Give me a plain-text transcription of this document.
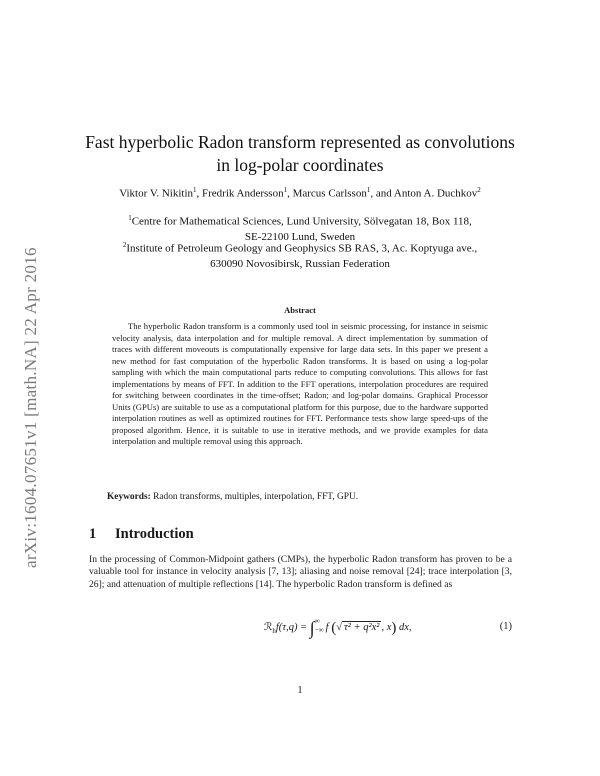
arXiv:1604.07651v1 [math.NA] 22 Apr 2016
Fast hyperbolic Radon transform represented as convolutions
in log-polar coordinates
Viktor V. Nikitin$^1$, Fredrik Andersson$^1$, Marcus Carlsson$^1$, and Anton A. Duchkov$^2$
$^1$Centre for Mathematical Sciences, Lund University, Sölvegatan 18, Box 118,
SE-22100 Lund, Sweden
$^2$Institute of Petroleum Geology and Geophysics SB RAS, 3, Ac. Koptyuga ave.,
630090 Novosibirsk, Russian Federation
Abstract
The hyperbolic Radon transform is a commonly used tool in seismic processing, for instance in seismic velocity analysis, data interpolation and for multiple removal. A direct implementation by summation of traces with different moveouts is computationally expensive for large data sets. In this paper we present a new method for fast computation of the hyperbolic Radon transforms. It is based on using a log-polar sampling with which the main computational parts reduce to computing convolutions. This allows for fast implementations by means of FFT. In addition to the FFT operations, interpolation procedures are required for switching between coordinates in the time-offset; Radon; and log-polar domains. Graphical Processor Units (GPUs) are suitable to use as a computational platform for this purpose, due to the hardware supported interpolation routines as well as optimized routines for FFT. Performance tests show large speed-ups of the proposed algorithm. Hence, it is suitable to use in iterative methods, and we provide examples for data interpolation and multiple removal using this approach.
Keywords: Radon transforms, multiples, interpolation, FFT, GPU.
1 Introduction
In the processing of Common-Midpoint gathers (CMPs), the hyperbolic Radon transform has proven to be a valuable tool for instance in velocity analysis [7, 13]; aliasing and noise removal [24]; trace interpolation [3, 26]; and attenuation of multiple reflections [14]. The hyperbolic Radon transform is defined as
ℛ$_h$f(τ,q) = ∫ ∞
−∞ f (√ τ² + q²x² , x) dx,	(1)
1
